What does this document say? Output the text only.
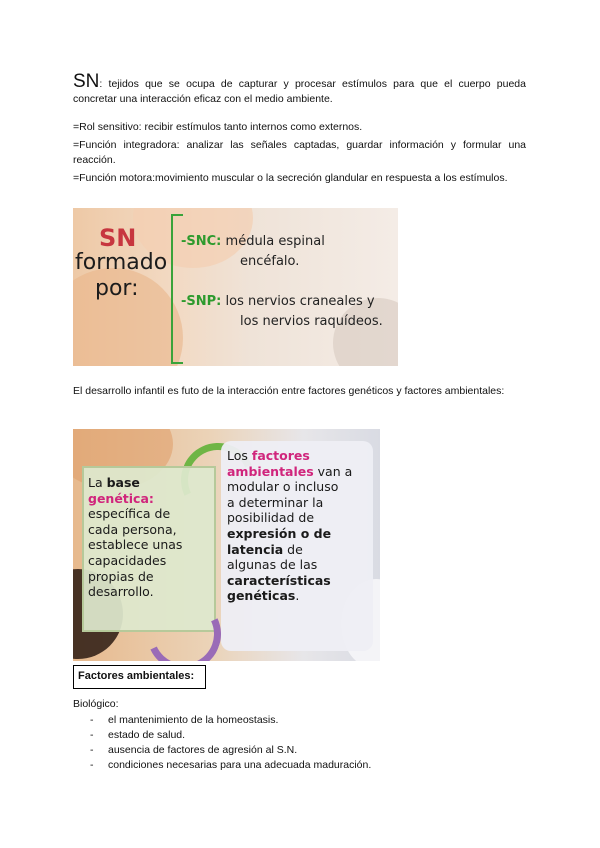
SN: tejidos que se ocupa de capturar y procesar estímulos para que el cuerpo pueda concretar una interacción eficaz con el medio ambiente.
=Rol sensitivo: recibir estímulos tanto internos como externos.
=Función integradora: analizar las señales captadas, guardar información y formular una reacción.
=Función motora:movimiento muscular o la secreción glandular en respuesta a los estímulos.
SN
formado
por:
-SNC: médula espinal
encéfalo.
-SNP: los nervios craneales y
los nervios raquídeos.
El desarrollo infantil es futo de la interacción entre factores genéticos y factores ambientales:
La base
genética:
específica de
cada persona,
establece unas
capacidades
propias de
desarrollo.
Los factores
ambientales van a
modular o incluso
a determinar la
posibilidad de
expresión o de
latencia de
algunas de las
características
genéticas.
Factores ambientales:
Biológico:
- el mantenimiento de la homeostasis.
- estado de salud.
- ausencia de factores de agresión al S.N.
- condiciones necesarias para una adecuada maduración.
